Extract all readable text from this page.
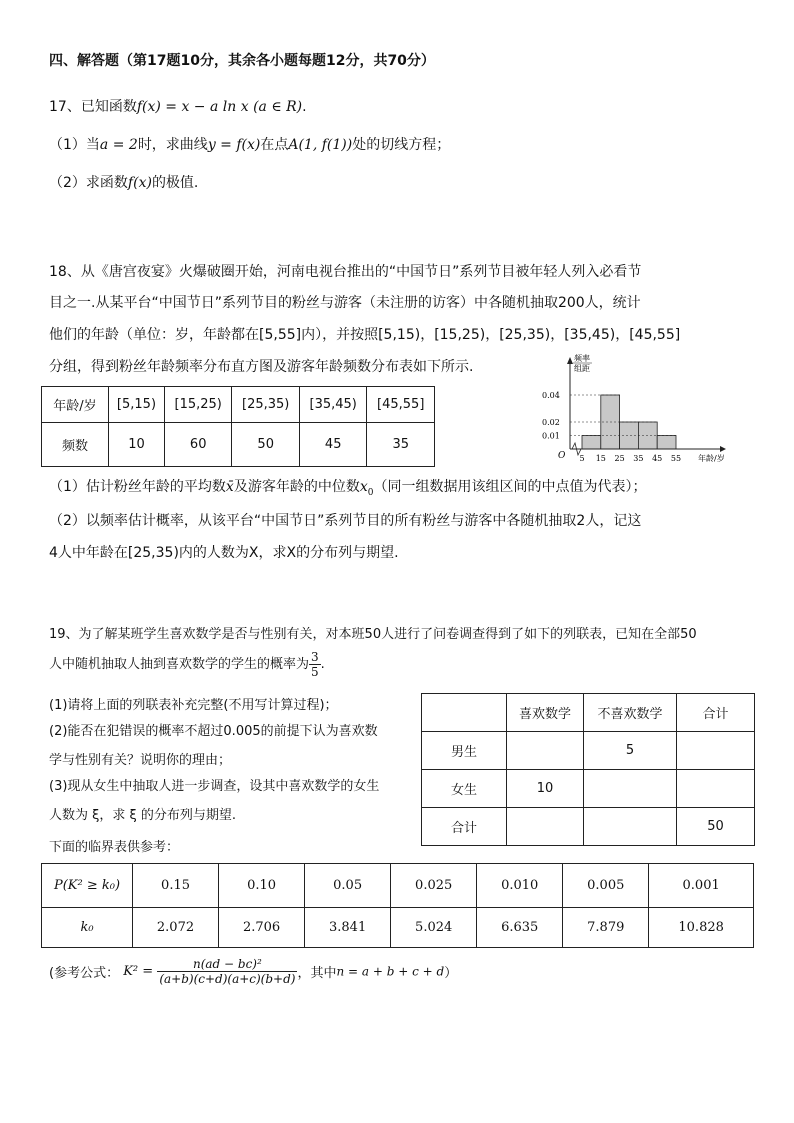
四、解答题（第17题10分，其余各小题每题12分，共70分）
17、已知函数f(x) = x − a ln x (a ∈ R).
（1）当a = 2时，求曲线y = f(x)在点A(1, f(1))处的切线方程；
（2）求函数f(x)的极值.
18、从《唐宫夜宴》火爆破圈开始，河南电视台推出的“中国节日”系列节目被年轻人列入必看节
目之一.从某平台“中国节日”系列节目的粉丝与游客（未注册的访客）中各随机抽取200人，统计
他们的年龄（单位：岁，年龄都在[5,55]内），并按照[5,15)，[15,25)，[25,35)，[35,45)，[45,55]
分组，得到粉丝年龄频率分布直方图及游客年龄频数分布表如下所示.
年龄/岁	[5,15)	[15,25)	[25,35)	[35,45)	[45,55]
频数	10	60	50	45	35
频率
组距
年龄/岁
O
0.01
0.02
0.04
5 15 25 35 45 55
（1）估计粉丝年龄的平均数x̄及游客年龄的中位数$x_0$（同一组数据用该组区间的中点值为代表）；
（2）以频率估计概率，从该平台“中国节日”系列节目的所有粉丝与游客中各随机抽取2人，记这
4人中年龄在[25,35)内的人数为X，求X的分布列与期望.
19、为了解某班学生喜欢数学是否与性别有关，对本班50人进行了问卷调查得到了如下的列联表，已知在全部50
人中随机抽取人抽到喜欢数学的学生的概率为 $\frac{3}{5}$ .
(1)请将上面的列联表补充完整(不用写计算过程)；
(2)能否在犯错误的概率不超过0.005的前提下认为喜欢数
学与性别有关？说明你的理由；
(3)现从女生中抽取人进一步调查，设其中喜欢数学的女生
人数为 ξ，求 ξ 的分布列与期望.
下面的临界表供参考：
	喜欢数学	不喜欢数学	合计
男生		5	
女生	10		
合计			50
P(K² ≥ k₀)	0.15	0.10	0.05	0.025	0.010	0.005	0.001
k₀	2.072	2.706	3.841	5.024	6.635	7.879	10.828
(参考公式： $K^2 = \frac{\text{n(ad − bc)²}}{(a+b)(c+d)(a+c)(b+d)}$ ，其中n = a + b + c + d）
